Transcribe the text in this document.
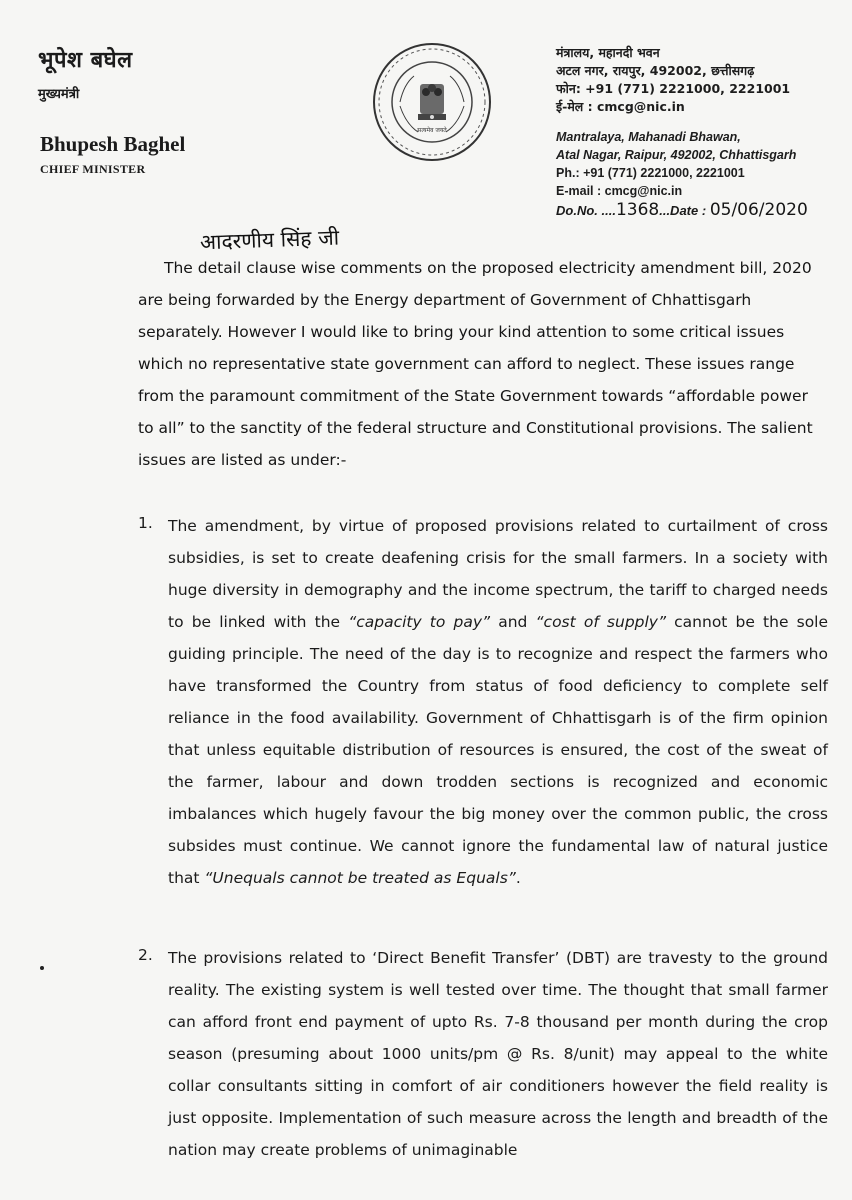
भूपेश बघेल
मुख्यमंत्री
Bhupesh Baghel
CHIEF MINISTER
सत्यमेव जयते
मंत्रालय, महानदी भवन
अटल नगर, रायपुर, 492002, छत्तीसगढ़
फोन: +91 (771) 2221000, 2221001
ई-मेल : cmcg@nic.in
Mantralaya, Mahanadi Bhawan,
Atal Nagar, Raipur, 492002, Chhattisgarh
Ph.: +91 (771) 2221000, 2221001
E-mail : cmcg@nic.in
Do.No. ....1368...Date : 05/06/2020
आदरणीय सिंह जी
The detail clause wise comments on the proposed electricity amendment bill, 2020 are being forwarded by the Energy department of Government of Chhattisgarh separately. However I would like to bring your kind attention to some critical issues which no representative state government can afford to neglect. These issues range from the paramount commitment of the State Government towards “affordable power to all” to the sanctity of the federal structure and Constitutional provisions. The salient issues are listed as under:-
1. The amendment, by virtue of proposed provisions related to curtailment of cross subsidies, is set to create deafening crisis for the small farmers. In a society with huge diversity in demography and the income spectrum, the tariff to charged needs to be linked with the “capacity to pay” and “cost of supply” cannot be the sole guiding principle. The need of the day is to recognize and respect the farmers who have transformed the Country from status of food deficiency to complete self reliance in the food availability. Government of Chhattisgarh is of the firm opinion that unless equitable distribution of resources is ensured, the cost of the sweat of the farmer, labour and down trodden sections is recognized and economic imbalances which hugely favour the big money over the common public, the cross subsides must continue. We cannot ignore the fundamental law of natural justice that “Unequals cannot be treated as Equals”.
2. The provisions related to ‘Direct Benefit Transfer’ (DBT) are travesty to the ground reality. The existing system is well tested over time. The thought that small farmer can afford front end payment of upto Rs. 7-8 thousand per month during the crop season (presuming about 1000 units/pm @ Rs. 8/unit) may appeal to the white collar consultants sitting in comfort of air conditioners however the field reality is just opposite. Implementation of such measure across the length and breadth of the nation may create problems of unimaginable
